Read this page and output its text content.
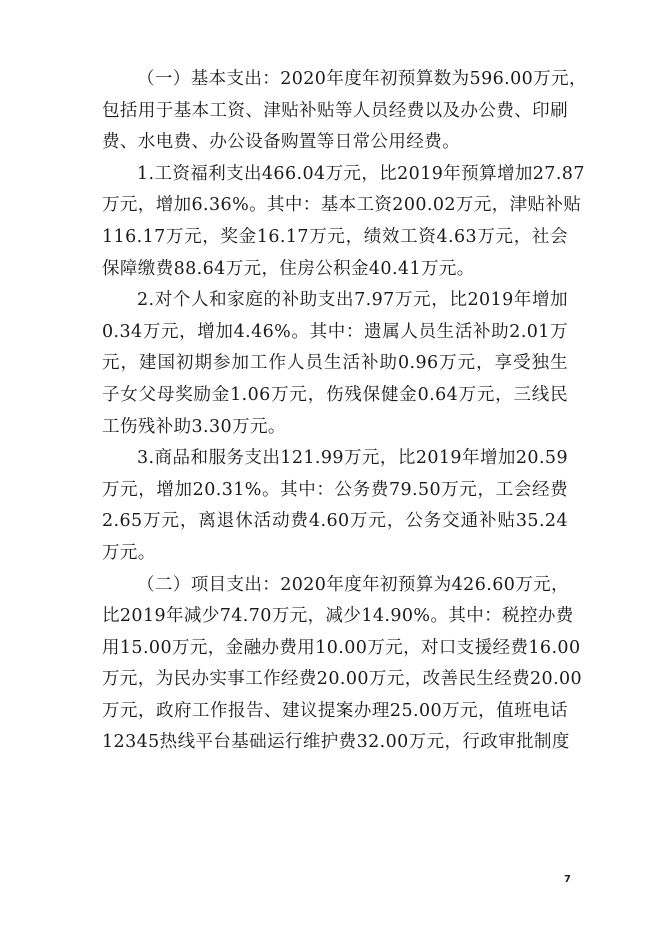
（一）基本支出：2020年度年初预算数为596.00万元，
包括用于基本工资、津贴补贴等人员经费以及办公费、印刷
费、水电费、办公设备购置等日常公用经费。
1.工资福利支出466.04万元，比2019年预算增加27.87
万元，增加6.36%。其中：基本工资200.02万元，津贴补贴
116.17万元，奖金16.17万元，绩效工资4.63万元，社会
保障缴费88.64万元，住房公积金40.41万元。
2.对个人和家庭的补助支出7.97万元，比2019年增加
0.34万元，增加4.46%。其中：遗属人员生活补助2.01万
元，建国初期参加工作人员生活补助0.96万元，享受独生
子女父母奖励金1.06万元，伤残保健金0.64万元，三线民
工伤残补助3.30万元。
3.商品和服务支出121.99万元，比2019年增加20.59
万元，增加20.31%。其中：公务费79.50万元，工会经费
2.65万元，离退休活动费4.60万元，公务交通补贴35.24
万元。
（二）项目支出：2020年度年初预算为426.60万元，
比2019年减少74.70万元，减少14.90%。其中：税控办费
用15.00万元，金融办费用10.00万元，对口支援经费16.00
万元，为民办实事工作经费20.00万元，改善民生经费20.00
万元，政府工作报告、建议提案办理25.00万元，值班电话
12345热线平台基础运行维护费32.00万元，行政审批制度
7
